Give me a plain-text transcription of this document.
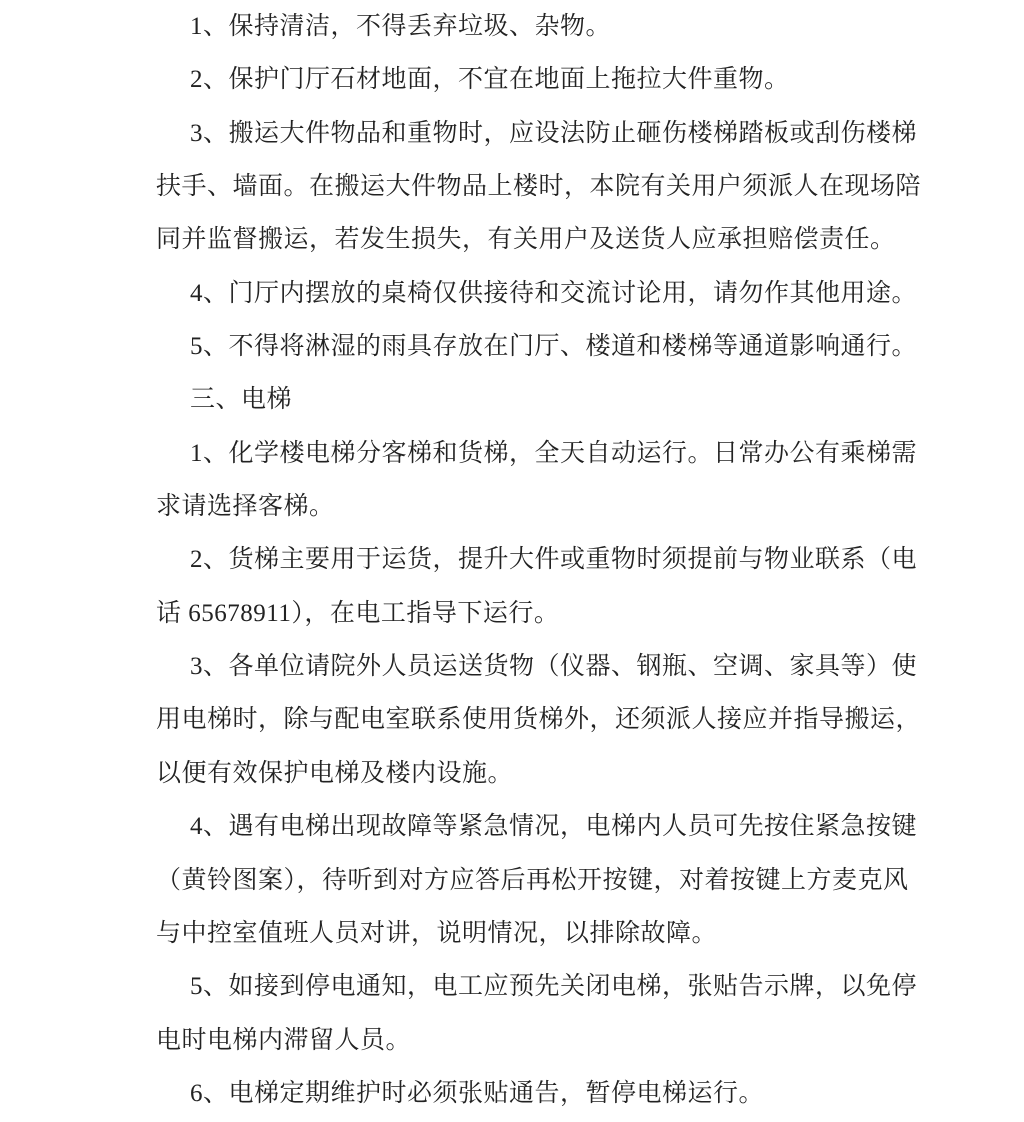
1、保持清洁，不得丢弃垃圾、杂物。
2、保护门厅石材地面，不宜在地面上拖拉大件重物。
3、搬运大件物品和重物时，应设法防止砸伤楼梯踏板或刮伤楼梯
扶手、墙面。在搬运大件物品上楼时，本院有关用户须派人在现场陪
同并监督搬运，若发生损失，有关用户及送货人应承担赔偿责任。
4、门厅内摆放的桌椅仅供接待和交流讨论用，请勿作其他用途。
5、不得将淋湿的雨具存放在门厅、楼道和楼梯等通道影响通行。
三、电梯
1、化学楼电梯分客梯和货梯，全天自动运行。日常办公有乘梯需
求请选择客梯。
2、货梯主要用于运货，提升大件或重物时须提前与物业联系（电
话 65678911），在电工指导下运行。
3、各单位请院外人员运送货物（仪器、钢瓶、空调、家具等）使
用电梯时，除与配电室联系使用货梯外，还须派人接应并指导搬运，
以便有效保护电梯及楼内设施。
4、遇有电梯出现故障等紧急情况，电梯内人员可先按住紧急按键
（黄铃图案），待听到对方应答后再松开按键，对着按键上方麦克风
与中控室值班人员对讲，说明情况，以排除故障。
5、如接到停电通知，电工应预先关闭电梯，张贴告示牌，以免停
电时电梯内滞留人员。
6、电梯定期维护时必须张贴通告，暂停电梯运行。
